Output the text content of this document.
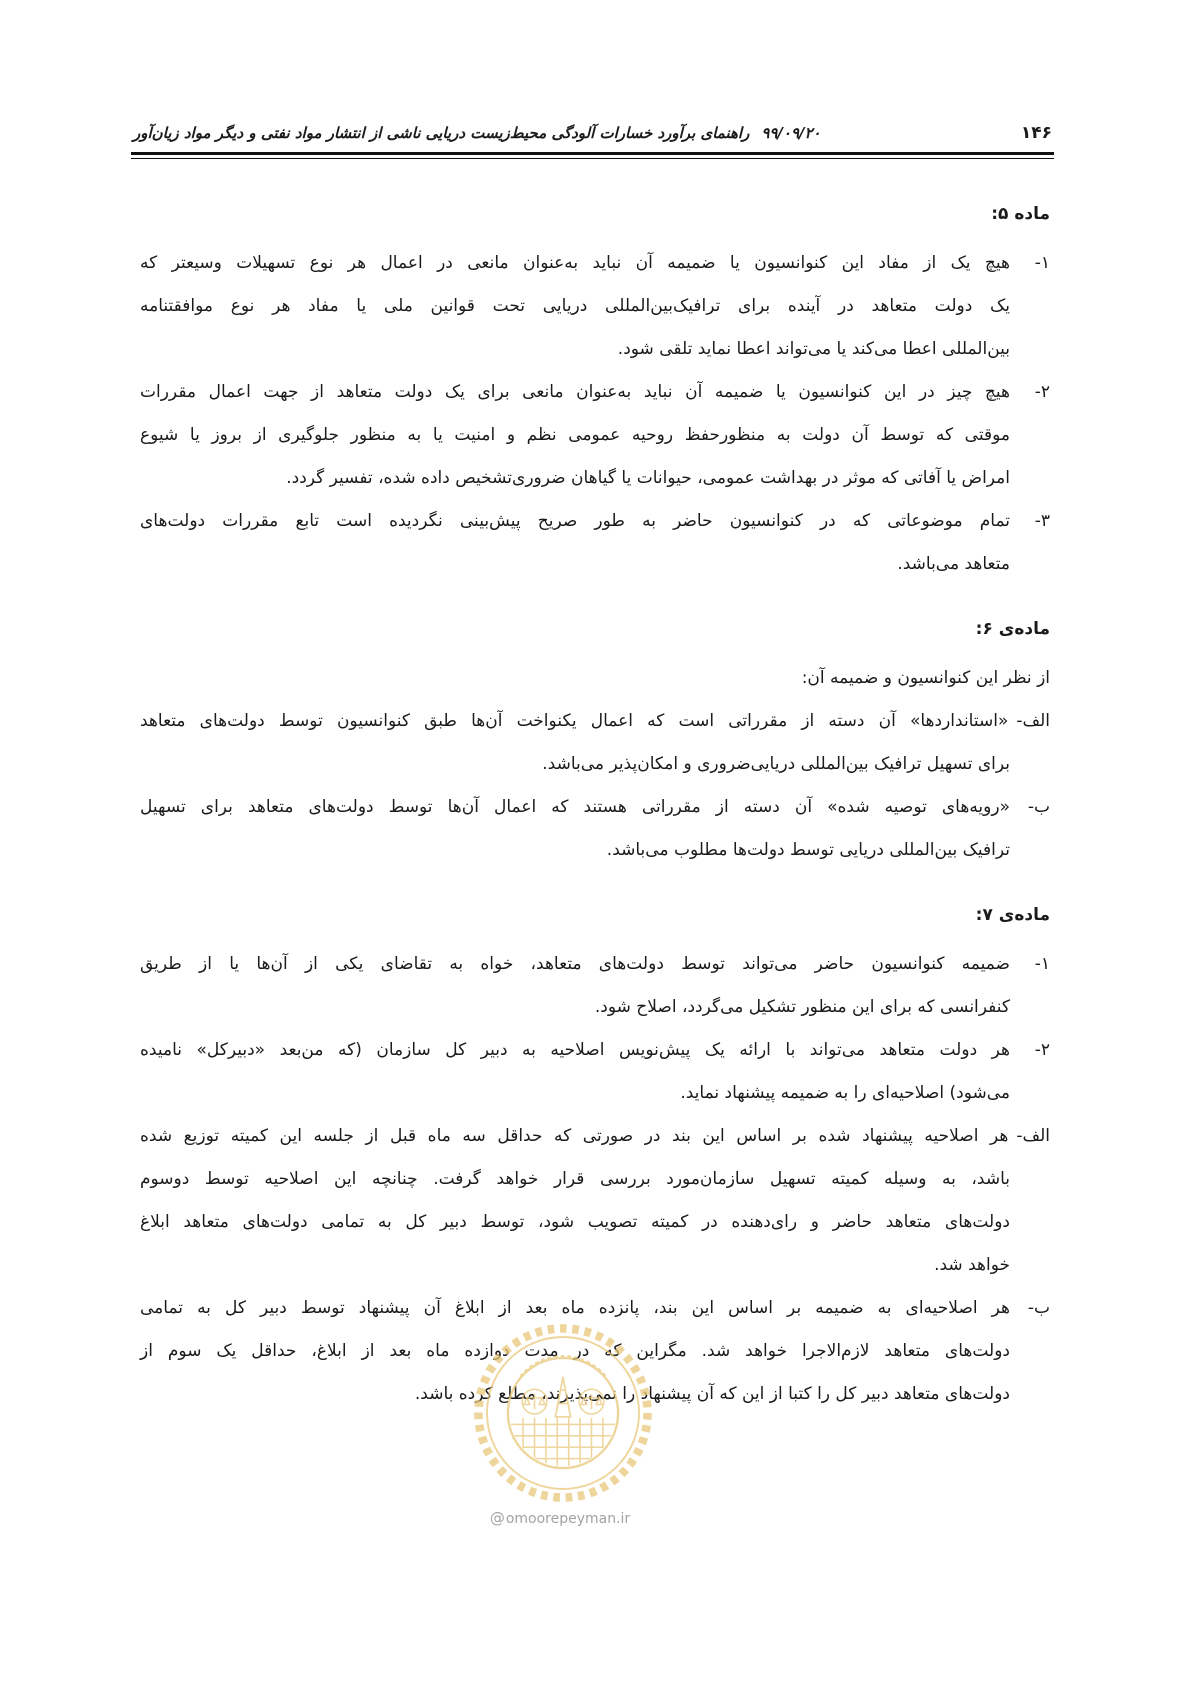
۱۴۶
۹۹/۰۹/۲۰
راهنمای برآورد خسارات آلودگی محیط‌زیست دریایی ناشی از انتشار مواد نفتی و دیگر مواد زیان‌آور
ماده ۵:
۱-
هیچ یک از مفاد این کنوانسیون یا ضمیمه آن نباید به‌عنوان مانعی در اعمال هر نوع تسهیلات وسیعتر که
یک دولت متعاهد در آینده برای ترافیک‌بین‌المللی دریایی تحت قوانین ملی یا مفاد هر نوع موافقتنامه
بین‌المللی اعطا می‌کند یا می‌تواند اعطا نماید تلقی شود.
۲-
هیچ چیز در این کنوانسیون یا ضمیمه آن نباید به‌عنوان مانعی برای یک دولت متعاهد از جهت اعمال مقررات
موقتی که توسط آن دولت به منظورحفظ روحیه عمومی نظم و امنیت یا به منظور جلوگیری از بروز یا شیوع
امراض یا آفاتی که موثر در بهداشت عمومی، حیوانات یا گیاهان ضروری‌تشخیص داده شده، تفسیر گردد.
۳-
تمام موضوعاتی که در کنوانسیون حاضر به طور صریح پیش‌بینی نگردیده است تابع مقررات دولت‌های
متعاهد می‌باشد.
ماده‌ی ۶:
از نظر این کنوانسیون و ضمیمه آن:
الف-
«استانداردها» آن دسته از مقرراتی است که اعمال یکنواخت آن‌ها طبق کنوانسیون توسط دولت‌های متعاهد
برای تسهیل ترافیک بین‌المللی دریایی‌ضروری و امکان‌پذیر می‌باشد.
ب-
«رویه‌های توصیه شده» آن دسته از مقرراتی هستند که اعمال آن‌ها توسط دولت‌های متعاهد برای تسهیل
ترافیک بین‌المللی دریایی توسط دولت‌ها مطلوب می‌باشد.
ماده‌ی ۷:
۱-
ضمیمه کنوانسیون حاضر می‌تواند توسط دولت‌های متعاهد، خواه به تقاضای یکی از آن‌ها یا از طریق
کنفرانسی که برای این منظور تشکیل می‌گردد، اصلاح شود.
۲-
هر دولت متعاهد می‌تواند با ارائه یک پیش‌نویس اصلاحیه به دبیر کل سازمان (که من‌بعد «دبیرکل» نامیده
می‌شود) اصلاحیه‌ای را به ضمیمه پیشنهاد نماید.
الف-
هر اصلاحیه پیشنهاد شده بر اساس این بند در صورتی که حداقل سه ماه قبل از جلسه این کمیته توزیع شده
باشد، به وسیله کمیته تسهیل سازمان‌مورد بررسی قرار خواهد گرفت. چنانچه این اصلاحیه توسط دوسوم
دولت‌های متعاهد حاضر و رای‌دهنده در کمیته تصویب شود، توسط دبیر کل به تمامی دولت‌های متعاهد ابلاغ
خواهد شد.
ب-
هر اصلاحیه‌ای به ضمیمه بر اساس این بند، پانزده ماه بعد از ابلاغ آن پیشنهاد توسط دبیر کل به تمامی
دولت‌های متعاهد لازم‌الاجرا خواهد شد. مگراین که در مدت دوازده ماه بعد از ابلاغ، حداقل یک سوم از
دولت‌های متعاهد دبیر کل را کتبا از این که آن پیشنهاد را نمی‌پذیرند، مطلع کرده باشد.
@omoorepeyman.ir
